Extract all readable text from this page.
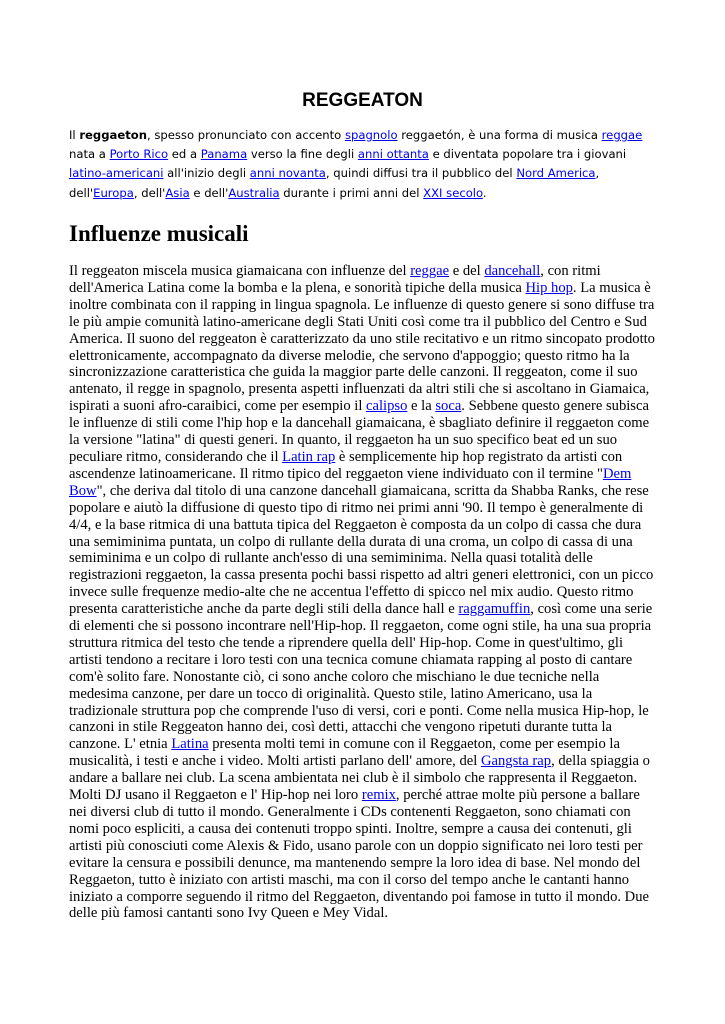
REGGEATON

Il reggaeton, spesso pronunciato con accento spagnolo reggaetón, è una forma di musica reggae nata a Porto Rico ed a Panama verso la fine degli anni ottanta e diventata popolare tra i giovani latino-americani all'inizio degli anni novanta, quindi diffusi tra il pubblico del Nord America, dell'Europa, dell'Asia e dell'Australia durante i primi anni del XXI secolo.

Influenze musicali

Il reggeaton miscela musica giamaicana con influenze del reggae e del dancehall, con ritmi dell'America Latina come la bomba e la plena, e sonorità tipiche della musica Hip hop. La musica è inoltre combinata con il rapping in lingua spagnola. Le influenze di questo genere si sono diffuse tra le più ampie comunità latino-americane degli Stati Uniti così come tra il pubblico del Centro e Sud America. Il suono del reggeaton è caratterizzato da uno stile recitativo e un ritmo sincopato prodotto elettronicamente, accompagnato da diverse melodie, che servono d'appoggio; questo ritmo ha la sincronizzazione caratteristica che guida la maggior parte delle canzoni. Il reggeaton, come il suo antenato, il regge in spagnolo, presenta aspetti influenzati da altri stili che si ascoltano in Giamaica, ispirati a suoni afro-caraibici, come per esempio il calipso e la soca. Sebbene questo genere subisca le influenze di stili come l'hip hop e la dancehall giamaicana, è sbagliato definire il reggaeton come la versione "latina" di questi generi. In quanto, il reggaeton ha un suo specifico beat ed un suo peculiare ritmo, considerando che il Latin rap è semplicemente hip hop registrato da artisti con ascendenze latinoamericane. Il ritmo tipico del reggaeton viene individuato con il termine "Dem Bow", che deriva dal titolo di una canzone dancehall giamaicana, scritta da Shabba Ranks, che rese popolare e aiutò la diffusione di questo tipo di ritmo nei primi anni '90. Il tempo è generalmente di 4/4, e la base ritmica di una battuta tipica del Reggaeton è composta da un colpo di cassa che dura una semiminima puntata, un colpo di rullante della durata di una croma, un colpo di cassa di una semiminima e un colpo di rullante anch'esso di una semiminima. Nella quasi totalità delle registrazioni reggaeton, la cassa presenta pochi bassi rispetto ad altri generi elettronici, con un picco invece sulle frequenze medio-alte che ne accentua l'effetto di spicco nel mix audio. Questo ritmo presenta caratteristiche anche da parte degli stili della dance hall e raggamuffin, così come una serie di elementi che si possono incontrare nell'Hip-hop. Il reggaeton, come ogni stile, ha una sua propria struttura ritmica del testo che tende a riprendere quella dell' Hip-hop. Come in quest'ultimo, gli artisti tendono a recitare i loro testi con una tecnica comune chiamata rapping al posto di cantare com'è solito fare. Nonostante ciò, ci sono anche coloro che mischiano le due tecniche nella medesima canzone, per dare un tocco di originalità. Questo stile, latino Americano, usa la tradizionale struttura pop che comprende l'uso di versi, cori e ponti. Come nella musica Hip-hop, le canzoni in stile Reggeaton hanno dei, così detti, attacchi che vengono ripetuti durante tutta la canzone. L' etnia Latina presenta molti temi in comune con il Reggaeton, come per esempio la musicalità, i testi e anche i video. Molti artisti parlano dell' amore, del Gangsta rap, della spiaggia o andare a ballare nei club. La scena ambientata nei club è il simbolo che rappresenta il Reggaeton. Molti DJ usano il Reggaeton e l' Hip-hop nei loro remix, perché attrae molte più persone a ballare nei diversi club di tutto il mondo. Generalmente i CDs contenenti Reggaeton, sono chiamati con nomi poco espliciti, a causa dei contenuti troppo spinti. Inoltre, sempre a causa dei contenuti, gli artisti più conosciuti come Alexis & Fido, usano parole con un doppio significato nei loro testi per evitare la censura e possibili denunce, ma mantenendo sempre la loro idea di base. Nel mondo del Reggaeton, tutto è iniziato con artisti maschi, ma con il corso del tempo anche le cantanti hanno iniziato a comporre seguendo il ritmo del Reggaeton, diventando poi famose in tutto il mondo. Due delle più famosi cantanti sono Ivy Queen e Mey Vidal.
